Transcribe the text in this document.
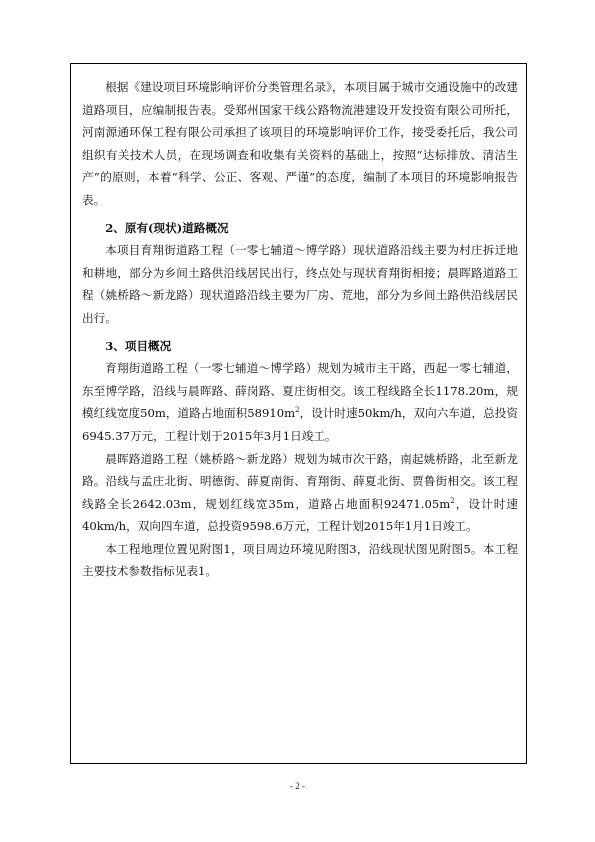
根据《建设项目环境影响评价分类管理名录》，本项目属于城市交通设施中的改建道路项目，应编制报告表。受郑州国家干线公路物流港建设开发投资有限公司所托，河南源通环保工程有限公司承担了该项目的环境影响评价工作，接受委托后，我公司组织有关技术人员，在现场调查和收集有关资料的基础上，按照“达标排放、清洁生产”的原则，本着“科学、公正、客观、严谨”的态度，编制了本项目的环境影响报告表。

2、原有(现状)道路概况

本项目育翔街道路工程（一零七辅道～博学路）现状道路沿线主要为村庄拆迁地和耕地，部分为乡间土路供沿线居民出行，终点处与现状育翔街相接；晨晖路道路工程（姚桥路～新龙路）现状道路沿线主要为厂房、荒地，部分为乡间土路供沿线居民出行。

3、项目概况

育翔街道路工程（一零七辅道～博学路）规划为城市主干路，西起一零七辅道，东至博学路，沿线与晨晖路、薛岗路、夏庄街相交。该工程线路全长1178.20m，规模红线宽度50m，道路占地面积$58910m^2$，设计时速50km/h，双向六车道，总投资6945.37万元，工程计划于2015年3月1日竣工。

晨晖路道路工程（姚桥路～新龙路）规划为城市次干路，南起姚桥路，北至新龙路。沿线与孟庄北街、明德街、薛夏南街、育翔街、薛夏北街、贾鲁街相交。该工程线路全长2642.03m，规划红线宽35m，道路占地面积$92471.05m^2$，设计时速40km/h，双向四车道，总投资9598.6万元，工程计划2015年1月1日竣工。

本工程地理位置见附图1，项目周边环境见附图3，沿线现状图见附图5。本工程主要技术参数指标见表1。

- 2 -
